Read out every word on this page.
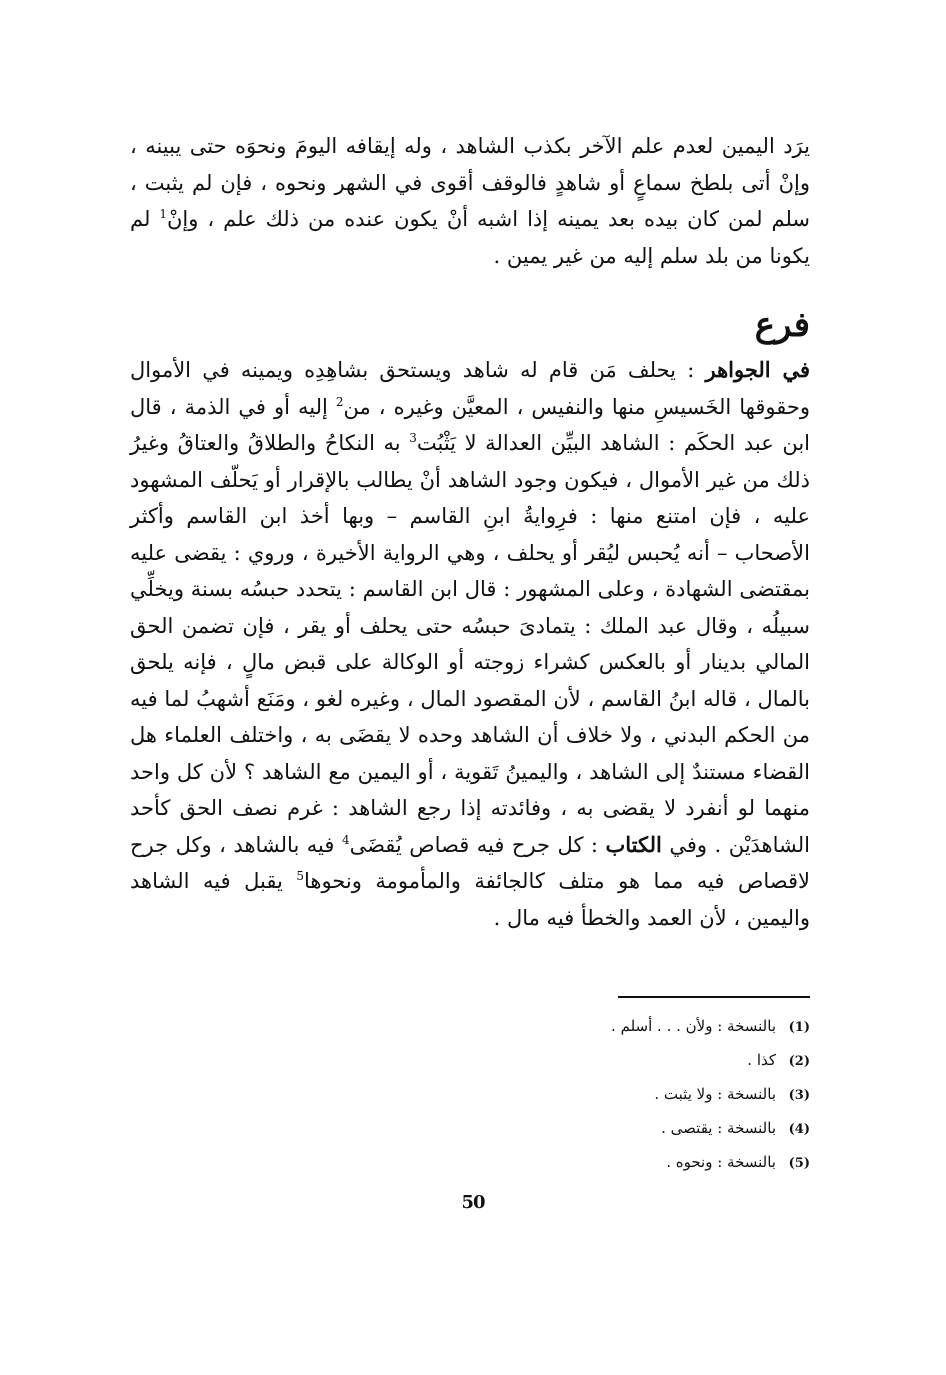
يرَد اليمين لعدم علم الآخر بكذب الشاهد ، وله إيقافه اليومَ ونحوَه حتى يبينه ، وإنْ أتى بلطخ سماعٍ أو شاهدٍ فالوقف أقوى في الشهر ونحوه ، فإن لم يثبت ، سلم لمن كان بيده بعد يمينه إذا اشبه أنْ يكون عنده من ذلك علم ، وإنْ$^1$ لم يكونا من بلد سلم إليه من غير يمين .

فرع

في الجواهر : يحلف مَن قام له شاهد ويستحق بشاهِدِه ويمينه في الأموال وحقوقها الخَسيسِ منها والنفيس ، المعيَّن وغيره ، من$^2$ إليه أو في الذمة ، قال ابن عبد الحكَم : الشاهد البيِّن العدالة لا يَثْبُت$^3$ به النكاحُ والطلاقُ والعتاقُ وغيرُ ذلك من غير الأموال ، فيكون وجود الشاهد أنْ يطالب بالإقرار أو يَحلّف المشهود عليه ، فإن امتنع منها : فرِوايةُ ابنِ القاسم – وبها أخذ ابن القاسم وأكثر الأصحاب – أنه يُحبس ليُقر أو يحلف ، وهي الرواية الأخيرة ، وروي : يقضى عليه بمقتضى الشهادة ، وعلى المشهور : قال ابن القاسم : يتحدد حبسُه بسنة ويخلِّي سبيلُه ، وقال عبد الملك : يتمادىَ حبسُه حتى يحلف أو يقر ، فإن تضمن الحق المالي بدينار أو بالعكس كشراء زوجته أو الوكالة على قبض مالٍ ، فإنه يلحق بالمال ، قاله ابنُ القاسم ، لأن المقصود المال ، وغيره لغو ، ومَنَع أشهبُ لما فيه من الحكم البدني ، ولا خلاف أن الشاهد وحده لا يقضَى به ، واختلف العلماء هل القضاء مستندٌ إلى الشاهد ، واليمينُ تَقوية ، أو اليمين مع الشاهد ؟ لأن كل واحد منهما لو أنفرد لا يقضى به ، وفائدته إذا رجع الشاهد : غرم نصف الحق كأحد الشاهدَيْن . وفي الكتاب : كل جرح فيه قصاص يُقضَى$^4$ فيه بالشاهد ، وكل جرح لاقصاص فيه مما هو متلف كالجائفة والمأمومة ونحوها$^5$ يقبل فيه الشاهد واليمين ، لأن العمد والخطأ فيه مال .

(1)
بالنسخة : ولأن . . . أسلم .
(2)
كذا .
(3)
بالنسخة : ولا يثبت .
(4)
بالنسخة : يقتصى .
(5)
بالنسخة : ونحوه .
50
